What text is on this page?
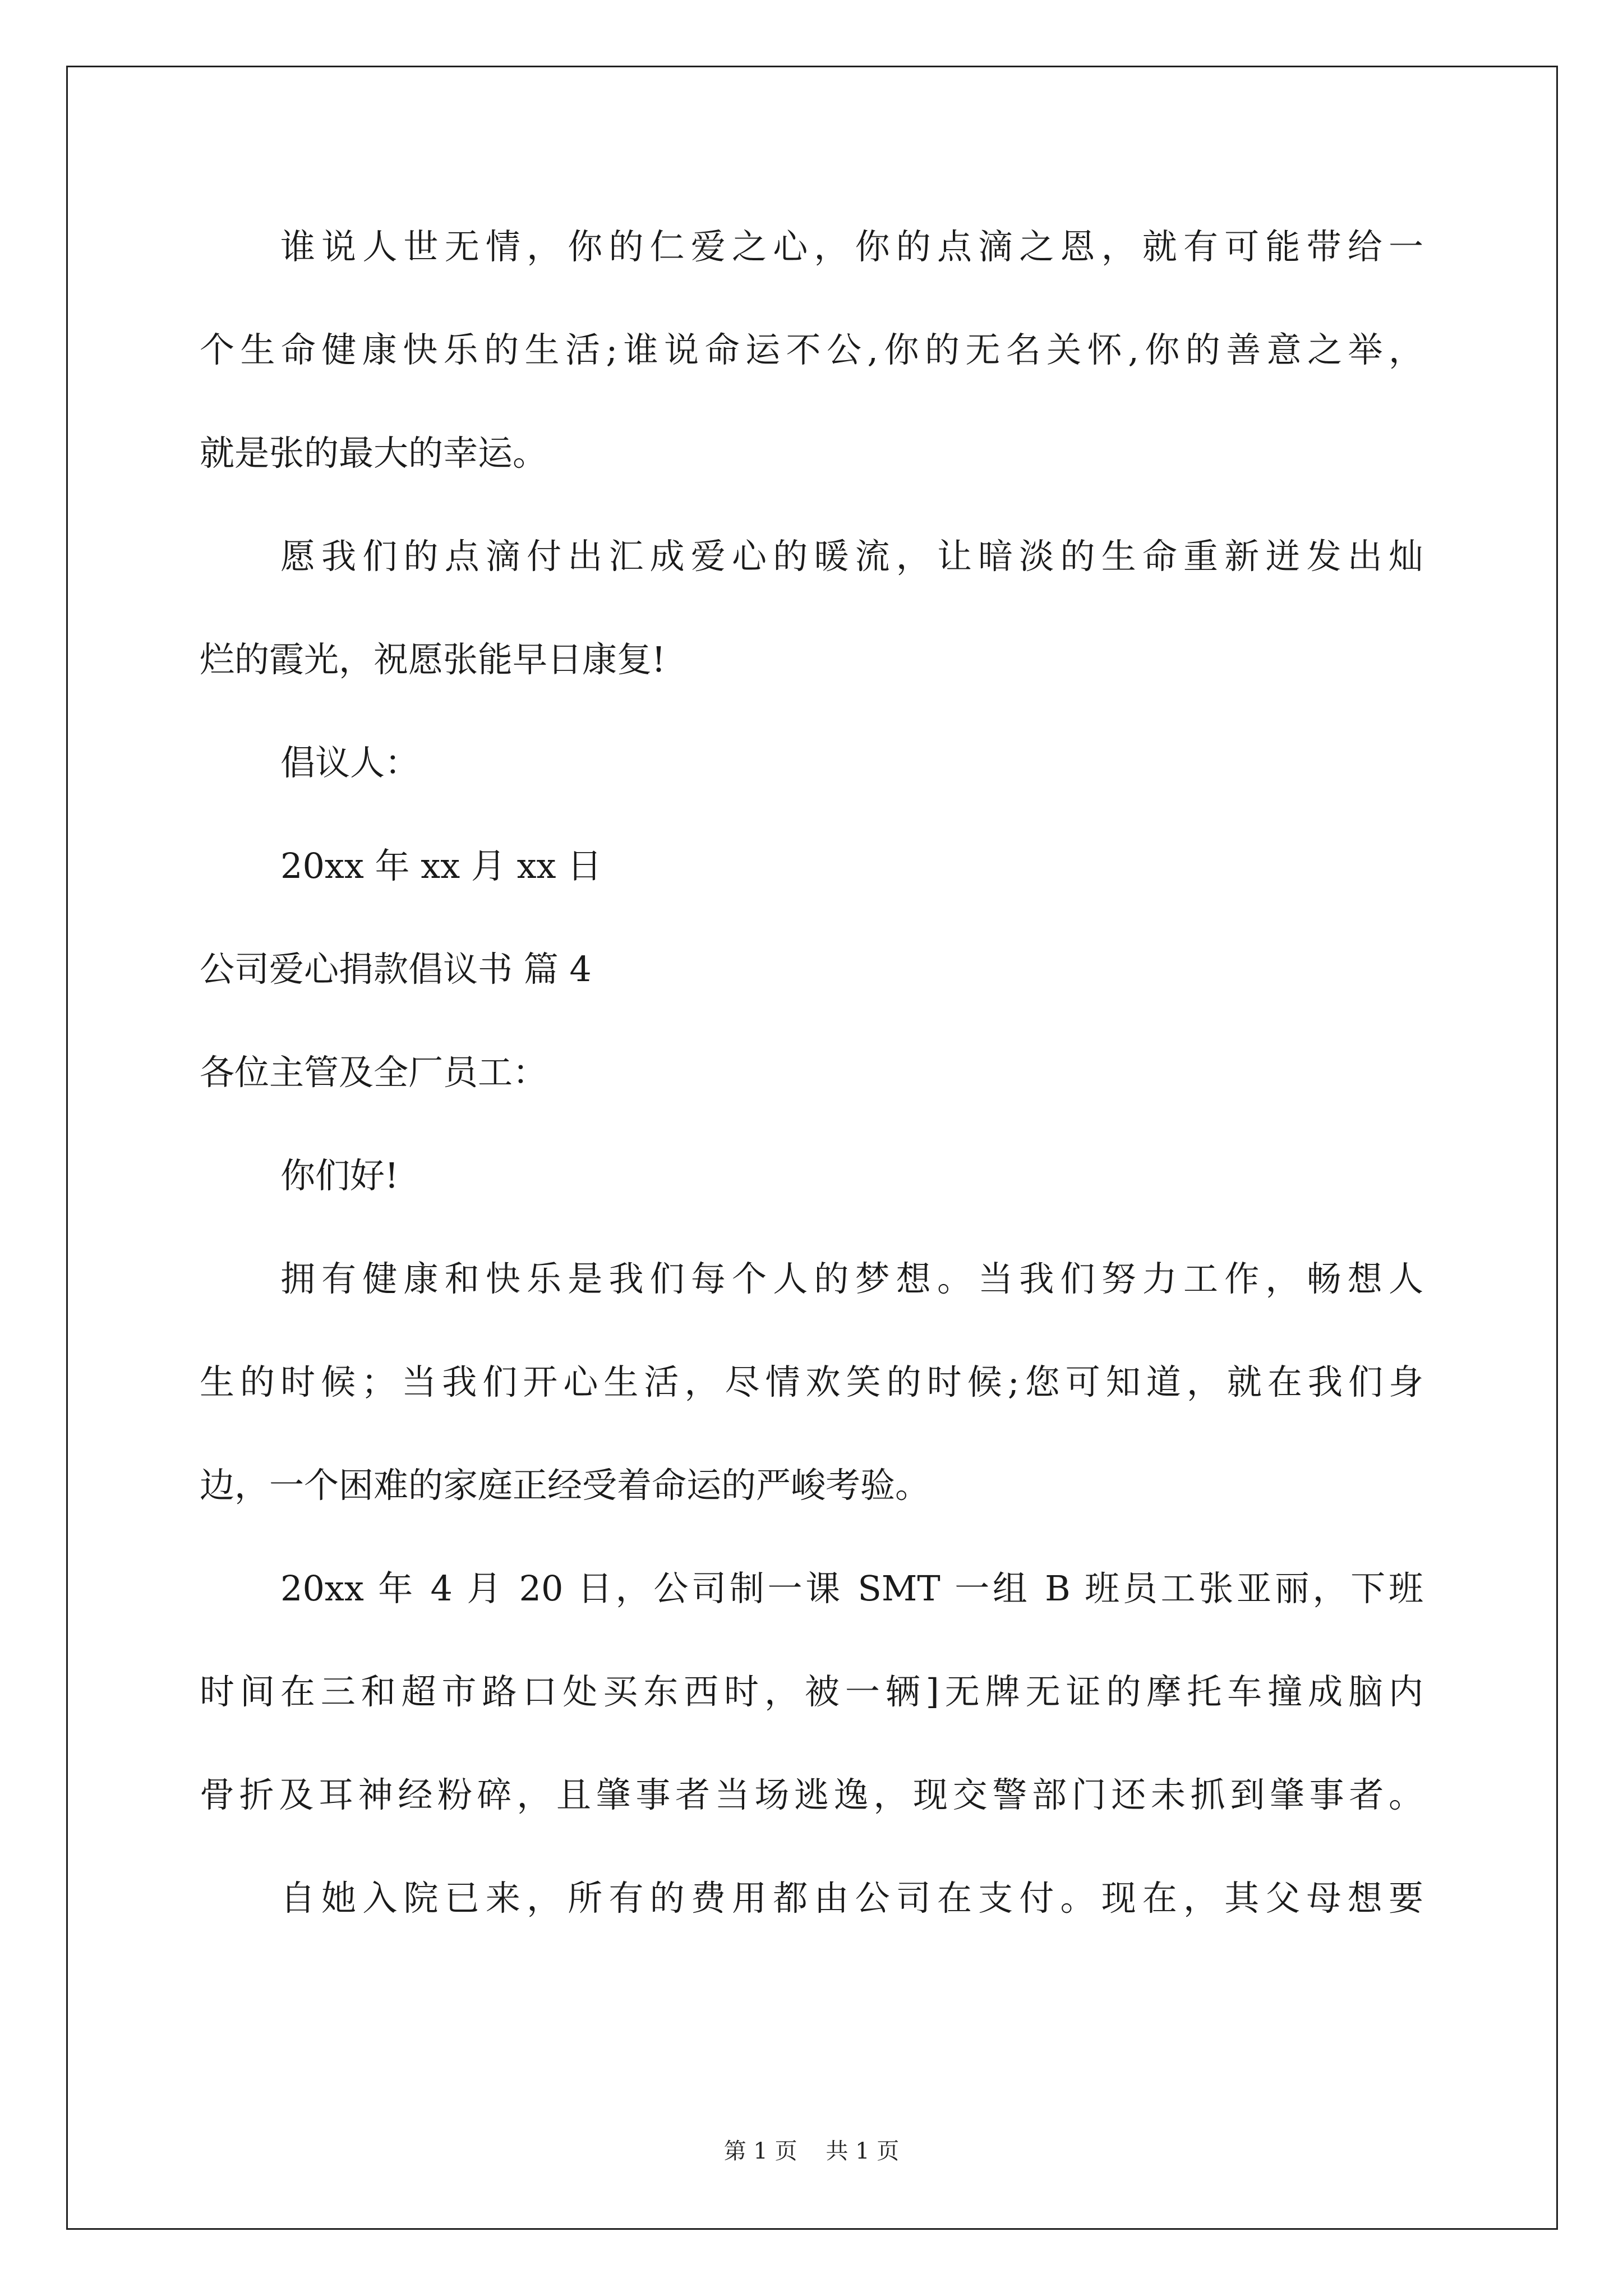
谁说人世无情，你的仁爱之心，你的点滴之恩，就有可能带给一
个生命健康快乐的生活;谁说命运不公,你的无名关怀,你的善意之举，
就是张的最大的幸运。
愿我们的点滴付出汇成爱心的暖流，让暗淡的生命重新迸发出灿
烂的霞光，祝愿张能早日康复!
倡议人：
20xx 年 xx 月 xx 日
公司爱心捐款倡议书 篇 4
各位主管及全厂员工：
你们好!
拥有健康和快乐是我们每个人的梦想。当我们努力工作，畅想人
生的时候；当我们开心生活，尽情欢笑的时候;您可知道，就在我们身
边，一个困难的家庭正经受着命运的严峻考验。
20xx 年 4 月 20 日，公司制一课 SMT 一组 B 班员工张亚丽，下班
时间在三和超市路口处买东西时，被一辆]无牌无证的摩托车撞成脑内
骨折及耳神经粉碎，且肇事者当场逃逸，现交警部门还未抓到肇事者。
自她入院已来，所有的费用都由公司在支付。现在，其父母想要
第 1 页    共 1 页
